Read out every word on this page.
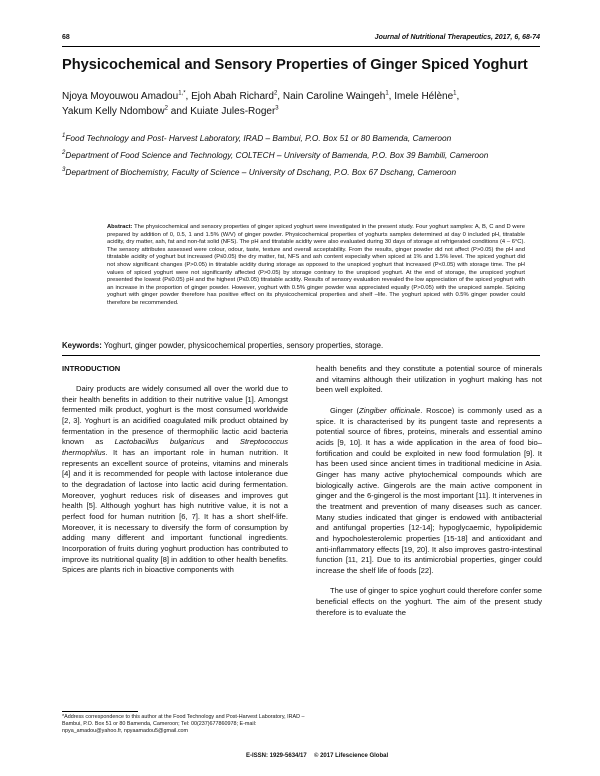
68	Journal of Nutritional Therapeutics, 2017, 6, 68-74
Physicochemical and Sensory Properties of Ginger Spiced Yoghurt
Njoya Moyouwou Amadou$^{1,*}$, Ejoh Abah Richard$^2$, Nain Caroline Waingeh$^1$, Imele Hélène$^1$,
Yakum Kelly Ndombow$^2$ and Kuiate Jules-Roger$^3$

$^1$Food Technology and Post- Harvest Laboratory, IRAD – Bambui, P.O. Box 51 or 80 Bamenda, Cameroon

$^2$Department of Food Science and Technology, COLTECH – University of Bamenda, P.O. Box 39 Bambili, Cameroon

$^3$Department of Biochemistry, Faculty of Science – University of Dschang, P.O. Box 67 Dschang, Cameroon

Abstract: The physicochemical and sensory properties of ginger spiced yoghurt were investigated in the present study. Four yoghurt samples: A, B, C and D were prepared by addition of 0, 0.5, 1 and 1.5% (W/V) of ginger powder. Physicochemical properties of yoghurts samples determined at day 0 included pH, titratable acidity, dry matter, ash, fat and non-fat solid (NFS). The pH and titratable acidity were also evaluated during 30 days of storage at refrigerated conditions (4 – 6°C). The sensory attributes assessed were colour, odour, taste, texture and overall acceptability. From the results, ginger powder did not affect (P>0.05) the pH and titratable acidity of yoghurt but increased (P≤0.05) the dry matter, fat, NFS and ash content especially when spiced at 1% and 1.5% level. The spiced yoghurt did not show significant changes (P>0.05) in titratable acidity during storage as opposed to the unspiced yoghurt that increased (P<0.05) with storage time. The pH values of spiced yoghurt were not significantly affected (P>0.05) by storage contrary to the unspiced yoghurt. At the end of storage, the unspiced yoghurt presented the lowest (P≤0.05) pH and the highest (P≤0.05) titratable acidity. Results of sensory evaluation revealed the low appreciation of the spiced yoghurt with an increase in the proportion of ginger powder. However, yoghurt with 0.5% ginger powder was appreciated equally (P>0.05) with the unspiced sample. Spicing yoghurt with ginger powder therefore has positive effect on its physicochemical properties and shelf –life. The yoghurt spiced with 0.5% ginger powder could therefore be recommended.
Keywords: Yoghurt, ginger powder, physicochemical properties, sensory properties, storage.
INTRODUCTION

Dairy products are widely consumed all over the world due to their health benefits in addition to their nutritive value [1]. Amongst fermented milk product, yoghurt is the most consumed worldwide [2, 3]. Yoghurt is an acidified coagulated milk product obtained by fermentation in the presence of thermophilic lactic acid bacteria known as Lactobacillus bulgaricus and Streptococcus thermophilus. It has an important role in human nutrition. It represents an excellent source of proteins, vitamins and minerals [4] and it is recommended for people with lactose intolerance due to the degradation of lactose into lactic acid during fermentation. Moreover, yoghurt reduces risk of diseases and improves gut health [5]. Although yoghurt has high nutritive value, it is not a perfect food for human nutrition [6, 7]. It has a short shelf-life. Moreover, it is necessary to diversify the form of consumption by adding many different and important functional ingredients. Incorporation of fruits during yoghurt production has contributed to improve its nutritional quality [8] in addition to other health benefits. Spices are plants rich in bioactive components with

health benefits and they constitute a potential source of minerals and vitamins although their utilization in yoghurt making has not been well exploited.

Ginger (Zingiber officinale. Roscoe) is commonly used as a spice. It is characterised by its pungent taste and represents a potential source of fibres, proteins, minerals and essential amino acids [9, 10]. It has a wide application in the area of food bio–fortification and could be exploited in new food formulation [9]. It has been used since ancient times in traditional medicine in Asia. Ginger has many active phytochemical compounds which are biologically active. Gingerols are the main active component in ginger and the 6-gingerol is the most important [11]. It intervenes in the treatment and prevention of many diseases such as cancer. Many studies indicated that ginger is endowed with antibacterial and antifungal properties [12-14]; hypoglycaemic, hypolipidemic and hypocholesterolemic properties [15-18] and antioxidant and anti-inflammatory effects [19, 20]. It also improves gastro-intestinal function [11, 21]. Due to its antimicrobial properties, ginger could increase the shelf life of foods [22].

The use of ginger to spice yoghurt could therefore confer some beneficial effects on the yoghurt. The aim of the present study therefore is to evaluate the

*Address correspondence to this author at the Food Technology and Post-Harvest Laboratory, IRAD – Bambui, P.O. Box 51 or 80 Bamenda, Cameroon; Tel: 00(237)677860978; E-mail: npya_amadou@yahoo.fr, npyaamadou5@gmail.com
E-ISSN: 1929-5634/17 © 2017 Lifescience Global
